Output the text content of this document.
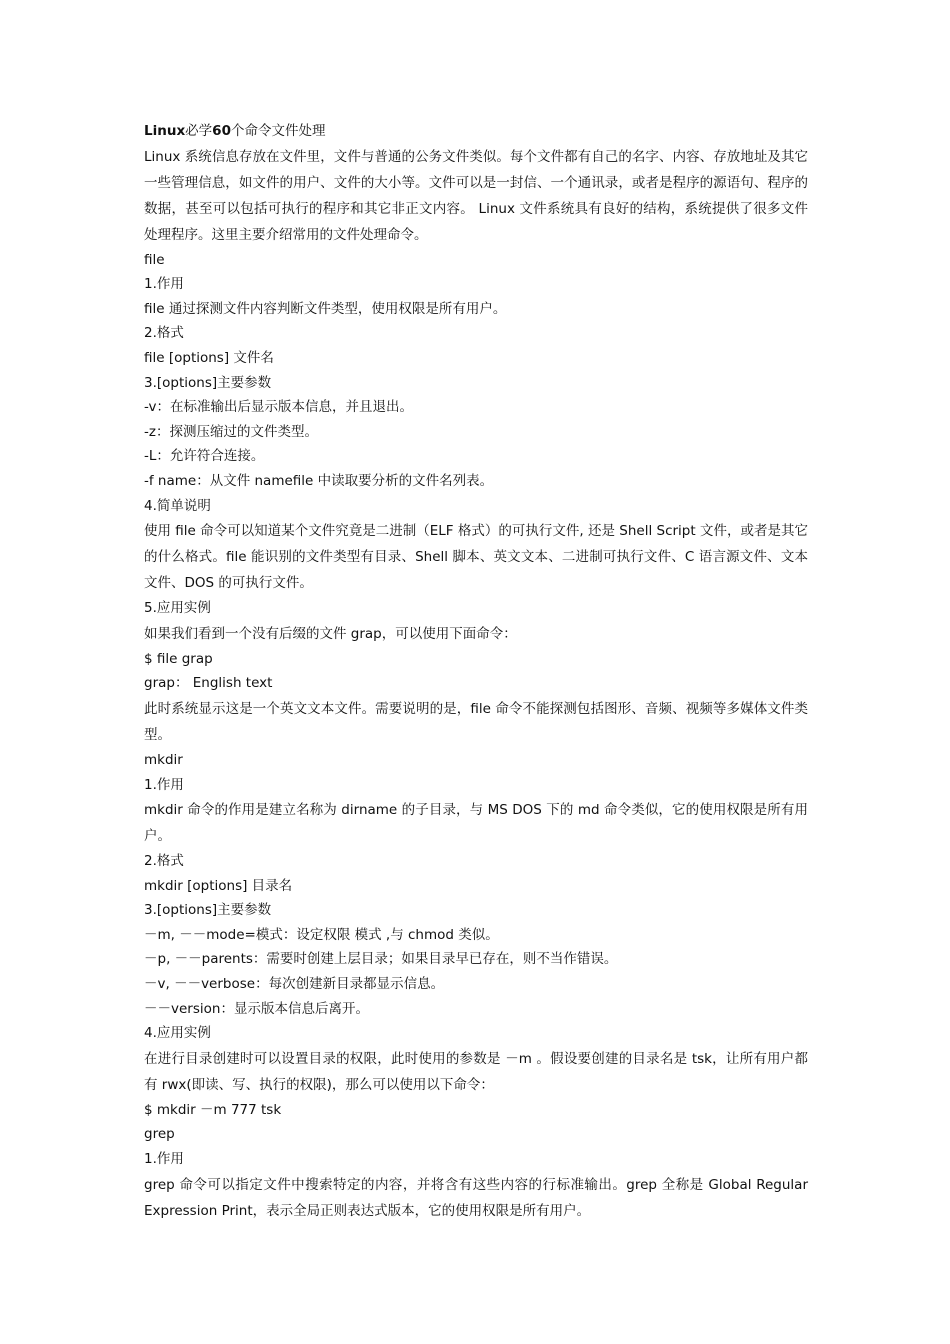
Linux必学60个命令文件处理
Linux 系统信息存放在文件里，文件与普通的公务文件类似。每个文件都有自己的名字、内容、存放地址及其它一些管理信息，如文件的用户、文件的大小等。文件可以是一封信、一个通讯录，或者是程序的源语句、程序的数据，甚至可以包括可执行的程序和其它非正文内容。 Linux 文件系统具有良好的结构，系统提供了很多文件处理程序。这里主要介绍常用的文件处理命令。
file
1.作用
file 通过探测文件内容判断文件类型，使用权限是所有用户。
2.格式
file [options] 文件名
3.[options]主要参数
-v：在标准输出后显示版本信息，并且退出。
-z：探测压缩过的文件类型。
-L：允许符合连接。
-f name：从文件 namefile 中读取要分析的文件名列表。
4.简单说明
使用 file 命令可以知道某个文件究竟是二进制（ELF 格式）的可执行文件, 还是 Shell Script 文件，或者是其它的什么格式。file 能识别的文件类型有目录、Shell 脚本、英文文本、二进制可执行文件、C 语言源文件、文本文件、DOS 的可执行文件。
5.应用实例
如果我们看到一个没有后缀的文件 grap，可以使用下面命令：
$ file grap
grap： English text
此时系统显示这是一个英文文本文件。需要说明的是，file 命令不能探测包括图形、音频、视频等多媒体文件类型。
mkdir
1.作用
mkdir 命令的作用是建立名称为 dirname 的子目录，与 MS DOS 下的 md 命令类似，它的使用权限是所有用户。
2.格式
mkdir [options] 目录名
3.[options]主要参数
－m, －－mode=模式：设定权限 模式 ,与 chmod 类似。
－p, －－parents：需要时创建上层目录；如果目录早已存在，则不当作错误。
－v, －－verbose：每次创建新目录都显示信息。
－－version：显示版本信息后离开。
4.应用实例
在进行目录创建时可以设置目录的权限，此时使用的参数是 －m 。假设要创建的目录名是 tsk，让所有用户都有 rwx(即读、写、执行的权限)，那么可以使用以下命令：
$ mkdir －m 777 tsk
grep
1.作用
grep 命令可以指定文件中搜索特定的内容，并将含有这些内容的行标准输出。grep 全称是 Global Regular Expression Print，表示全局正则表达式版本，它的使用权限是所有用户。
